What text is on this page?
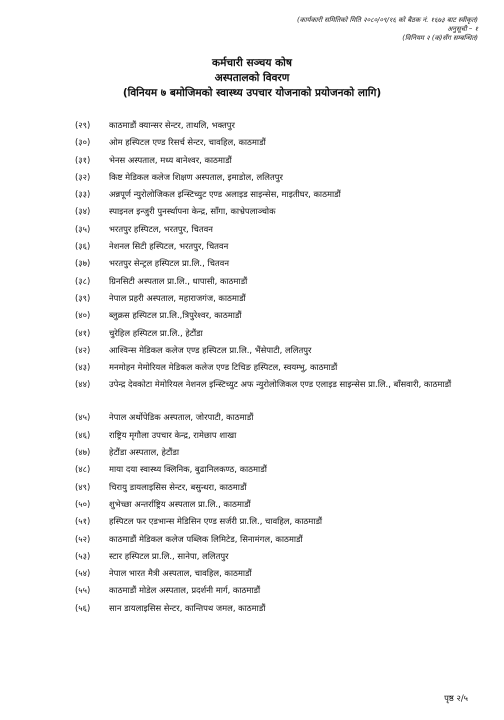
(कार्यकारी समितिको मिति २०८०/०९/१६ को बैठक नं. १६७३ बाट स्वीकृत)
अनुसूची – १
(विनियम २ (क)सँग सम्बन्धित)
कर्मचारी सञ्चय कोष
अस्पतालको विवरण
(विनियम ७ बमोजिमको स्वास्थ्य उपचार योजनाको प्रयोजनको लागि)
(२९)	काठमाडौं क्यान्सर सेन्टर, ताथलि, भक्तपुर
(३०)	ओम हस्पिटल एण्ड रिसर्च सेन्टर, चावहिल, काठमाडौं
(३१)	भेनस अस्पताल, मध्य बानेश्वर, काठमाडौं
(३२)	किष्ट मेडिकल कलेज शिक्षण अस्पताल, इमाडोल, ललितपुर
(३३)	अन्नपूर्ण न्युरोलोजिकल इन्स्टिच्युट एण्ड अलाइड साइन्सेस, माइतीघर, काठमाडौं
(३४)	स्पाइनल इन्जुरी पुनर्स्थापना केन्द्र, साँगा, काभ्रेपलाञ्चोक
(३५)	भरतपुर हस्पिटल, भरतपुर, चितवन
(३६)	नेशनल सिटी हस्पिटल, भरतपुर, चितवन
(३७)	भरतपुर सेन्ट्रल हस्पिटल प्रा.लि., चितवन
(३८)	ग्रिनसिटी अस्पताल प्रा.लि., धापासी, काठमाडौं
(३९)	नेपाल प्रहरी अस्पताल, महाराजगंज, काठमाडौं
(४०)	ब्लुक्रस हस्पिटल प्रा.लि.,त्रिपुरेश्वर, काठमाडौं
(४१)	चुरेहिल हस्पिटल प्रा.लि., हेटौंडा
(४२)	आश्विन्स मेडिकल कलेज एण्ड हस्पिटल प्रा.लि., भैंसेपाटी, ललितपुर
(४३)	मनमोहन मेमोरियल मेडिकल कलेज एण्ड टिचिङ हस्पिटल, स्वयम्भु, काठमाडौं
(४४)	उपेन्द्र देवकोटा मेमोरियल नेशनल इन्स्टिच्युट अफ न्युरोलोजिकल एण्ड एलाइड साइन्सेस प्रा.लि., बाँसवारी, काठमाडौं
(४५)	नेपाल अर्थोपेडिक अस्पताल, जोरपाटी, काठमाडौं
(४६)	राष्ट्रिय मृगौला उपचार केन्द्र, रामेछाप शाखा
(४७)	हेटौंडा अस्पताल, हेटौंडा
(४८)	माया दया स्वास्थ्य क्लिनिक, बुढानिलकण्ठ, काठमाडौं
(४९)	चिरायु डायलाइसिस सेन्टर, बसुन्धरा, काठमाडौं
(५०)	शुभेच्छा अन्तर्राष्ट्रिय अस्पताल प्रा.लि., काठमाडौं
(५१)	हस्पिटल फर एडभान्स मेडिसिन एण्ड सर्जरी प्रा.लि., चावहिल, काठमाडौं
(५२)	काठमाडौं मेडिकल कलेज पब्लिक लिमिटेड, सिनामंगल, काठमाडौं
(५३)	स्टार हस्पिटल प्रा.लि., सानेपा, ललितपुर
(५४)	नेपाल भारत मैत्री अस्पताल, चावहिल, काठमाडौं
(५५)	काठमाडौं मोडेल अस्पताल, प्रदर्शनी मार्ग, काठमाडौं
(५६)	सान डायलाइसिस सेन्टर, कान्तिपथ जमल, काठमाडौं
पृष्ठ २/५
